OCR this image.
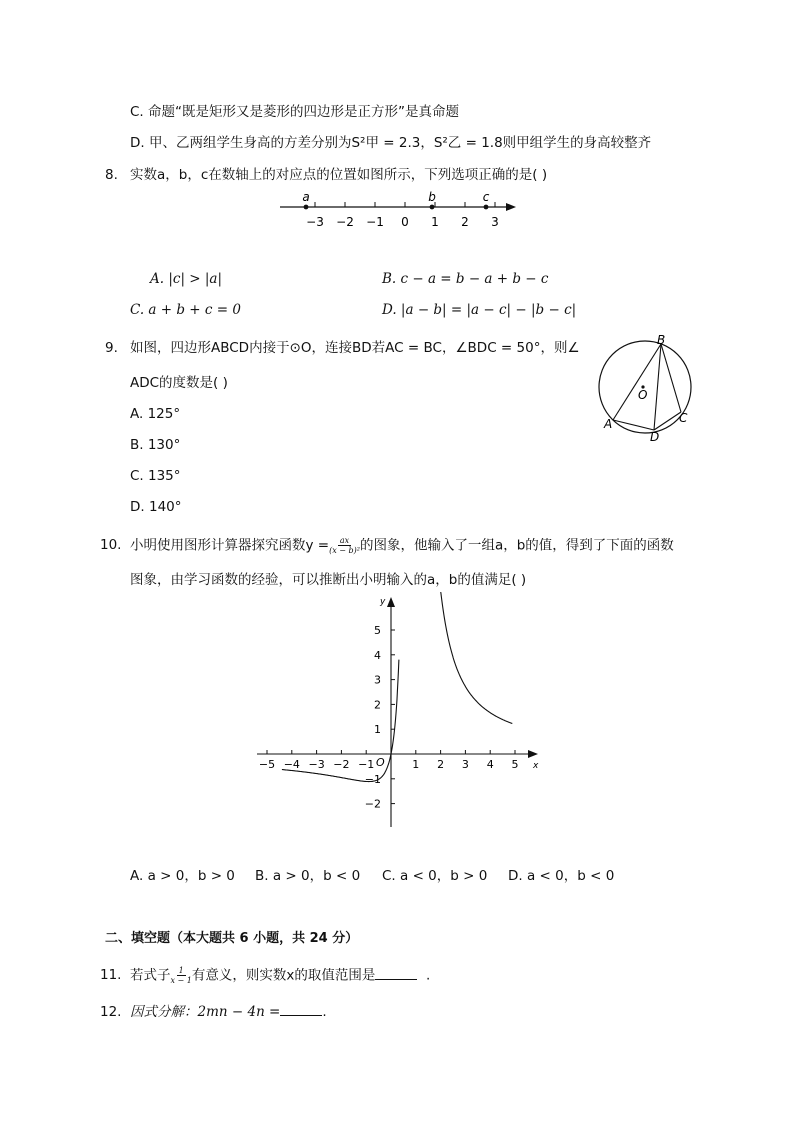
C. 命题“既是矩形又是菱形的四边形是正方形”是真命题
D. 甲、乙两组学生身高的方差分别为S²甲 = 2.3，S²乙 = 1.8则甲组学生的身高较整齐
8. 实数a，b，c在数轴上的对应点的位置如图所示，下列选项正确的是( )
−3 −2 −1 0 1 2 3
a	b	c
A. |c| > |a|	B. c − a = b − a + b − c
C. a + b + c = 0	D. |a − b| = |a − c| − |b − c|
9. 如图，四边形ABCD内接于⊙O，连接BD若AC = BC，∠BDC = 50°，则∠
ADC的度数是( )
A. 125°
B. 130°
C. 135°
D. 140°
B
O
A	C
D
10. 小明使用图形计算器探究函数$y = \frac{ax}{\text{(x − b)²}}$ 的图象，他输入了一组a，b的值，得到了下面的函数
图象，由学习函数的经验，可以推断出小明输入的a，b的值满足( )
x
y
O
−5 −4 −3 −2 −1	1 2 3 4 5
5
4
3
2
1
−1
−2
A. a > 0，b > 0 B. a > 0，b < 0 C. a < 0，b > 0 D. a < 0，b < 0
二、填空题（本大题共 6 小题，共 24 分）
11. 若式子 $\frac{1}{x - 1}$ 有意义，则实数x的取值范围是	.
12. 因式分解：2mn − 4n =	.
